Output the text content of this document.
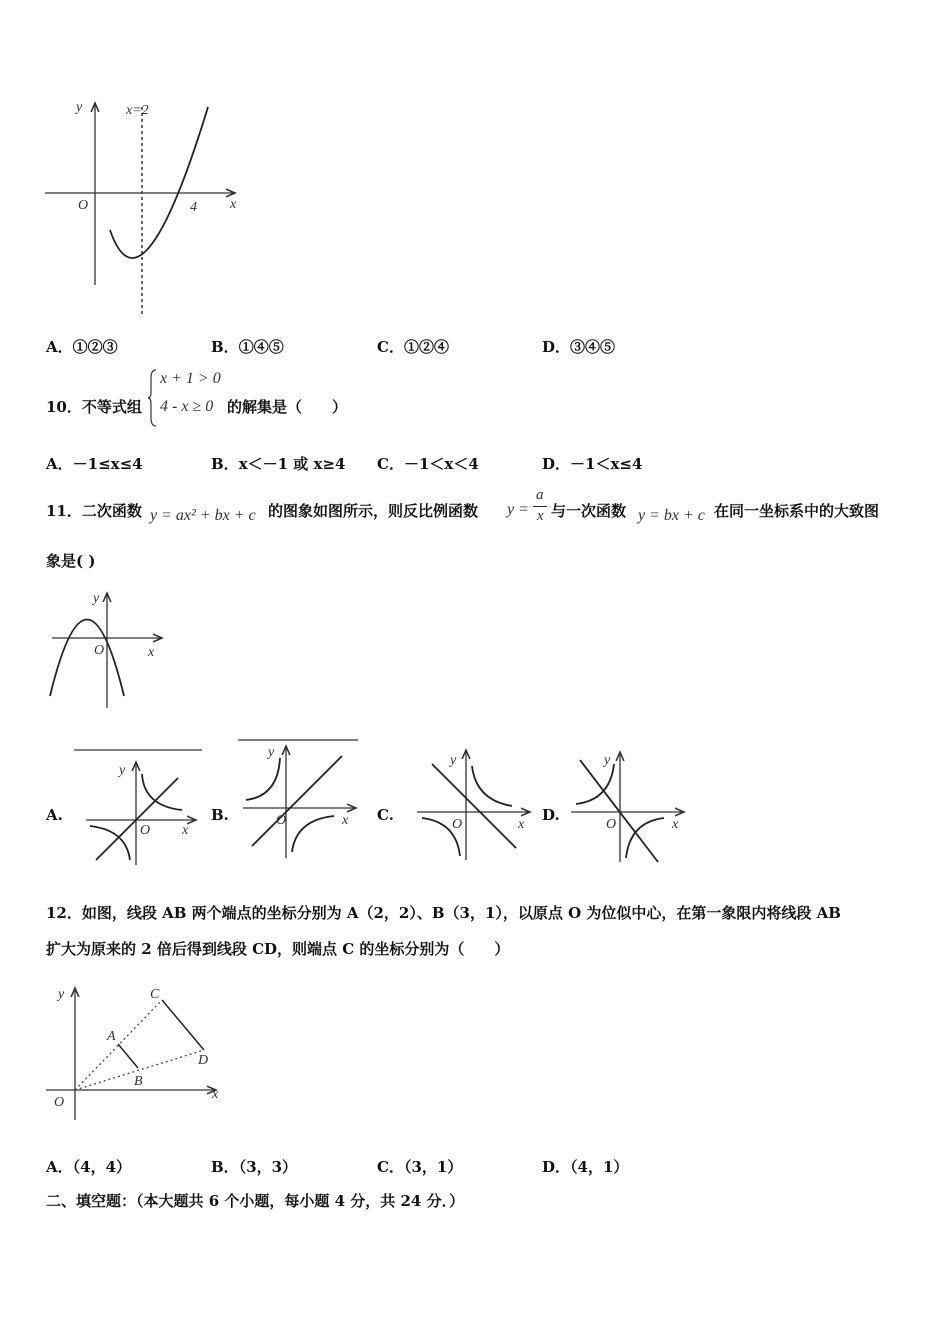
y
x
O
x=2
4
A．①②③	B．①④⑤	C．①②④	D．③④⑤
10．不等式组
x + 1 > 0
4 - x ≥ 0 的解集是（　　）
A．－1≤x≤4	B．x＜－1 或 x≥4 C．－1＜x＜4	D．－1＜x≤4
11．二次函数 y = ax² + bx + c 的图象如图所示，则反比例函数 y =
a
x 与一次函数 y = bx + c 在同一坐标系中的大致图
象是( )
y
x
O
A.
y
x
O
B.
y
x
O	C.
y
x
O
D.
y
x
O
12．如图，线段 AB 两个端点的坐标分别为 A（2，2）、B（3，1），以原点 O 为位似中心，在第一象限内将线段 AB
扩大为原来的 2 倍后得到线段 CD，则端点 C 的坐标分别为（　　）
y
x
O
A
B
C
D
A．（4，4）	B．（3，3）	C．（3，1）	D．（4，1）
二、填空题：（本大题共 6 个小题，每小题 4 分，共 24 分．）
